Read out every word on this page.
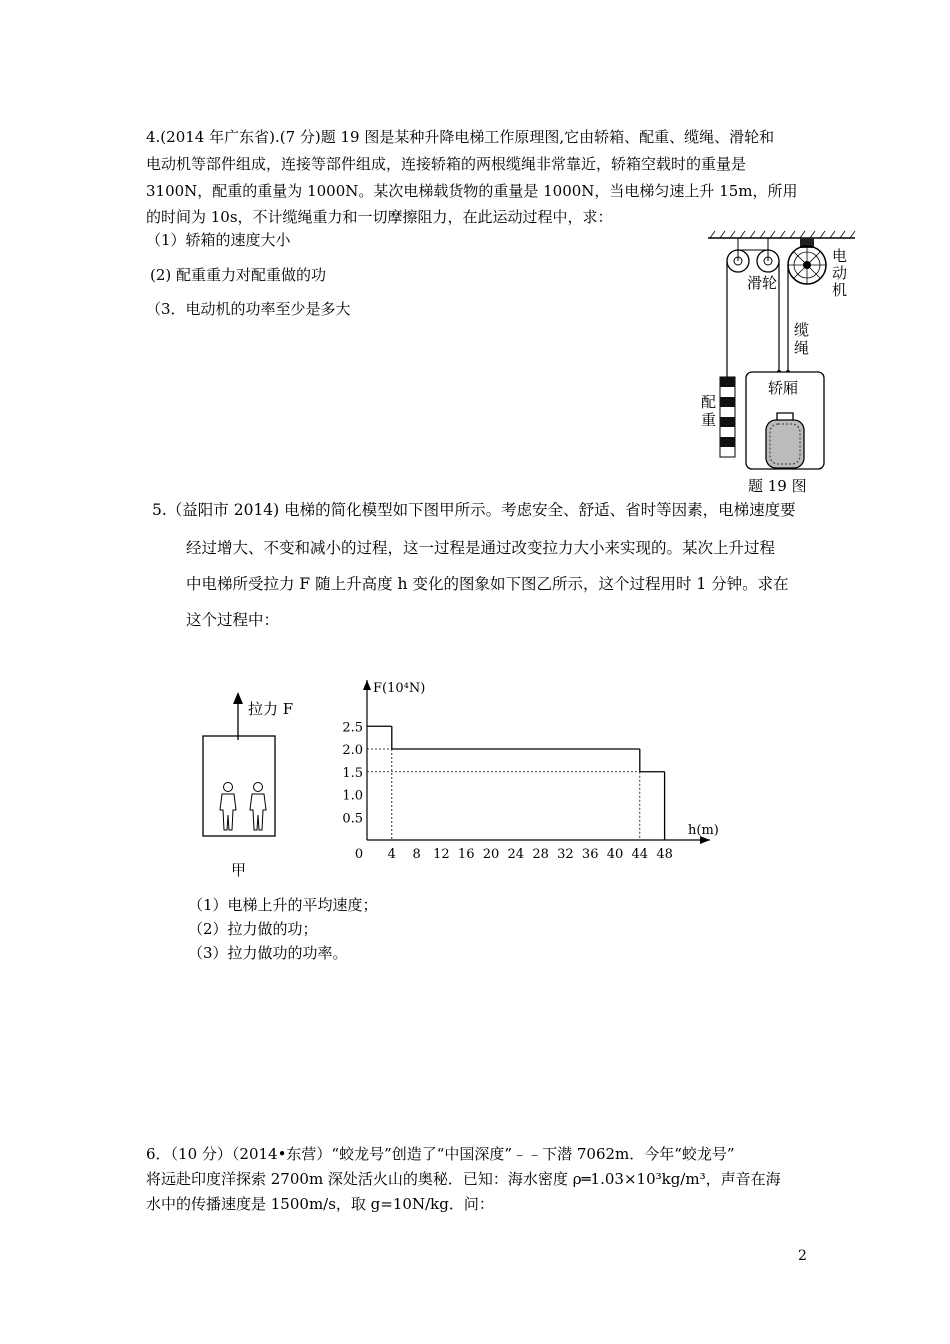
4.(2014 年广东省).(7 分)题 19 图是某种升降电梯工作原理图,它由轿箱、配重、缆绳、滑轮和
电动机等部件组成，连接等部件组成，连接轿箱的两根缆绳非常靠近，轿箱空载时的重量是
3100N，配重的重量为 1000N。某次电梯载货物的重量是 1000N，当电梯匀速上升 15m，所用
的时间为 10s，不计缆绳重力和一切摩擦阻力，在此运动过程中，求：
（1）轿箱的速度大小
(2) 配重重力对配重做的功
（3．电动机的功率至少是多大
滑轮
电
动
机
缆
绳
轿厢
配
重
题 19 图
5.（益阳市 2014) 电梯的简化模型如下图甲所示。考虑安全、舒适、省时等因素，电梯速度要
经过增大、不变和减小的过程，这一过程是通过改变拉力大小来实现的。某次上升过程
中电梯所受拉力 F 随上升高度 h 变化的图象如下图乙所示，这个过程用时 1 分钟。求在
这个过程中：
拉力 F
甲
F(10⁴N)
h(m)
0 4 8 12 16 20 24 28 32 36 40 44 48
0.5
1.0
1.5
2.0
2.5
（1）电梯上升的平均速度；
（2）拉力做的功；
（3）拉力做功的功率。
6．（10 分）（2014•东营）“蛟龙号”创造了“中国深度”﹣﹣下潜 7062m．今年“蛟龙号”
将远赴印度洋探索 2700m 深处活火山的奥秘．已知：海水密度 ρ═1.03×10³kg/m³，声音在海
水中的传播速度是 1500m/s，取 g=10N/kg．问：
2
